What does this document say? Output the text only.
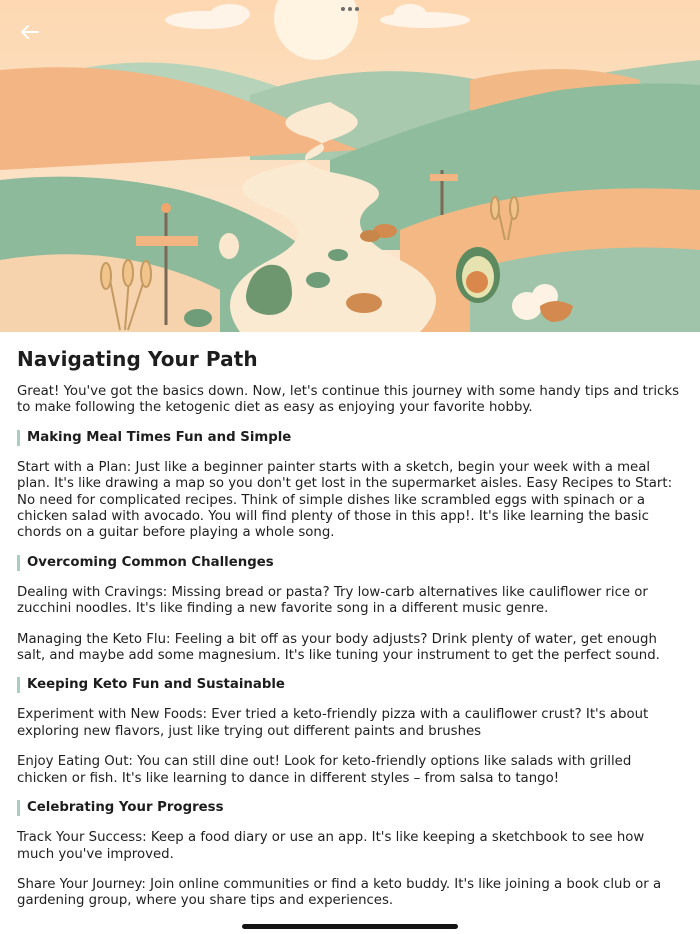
Navigating Your Path

Great! You've got the basics down. Now, let's continue this journey with some handy tips and tricks to make following the ketogenic diet as easy as enjoying your favorite hobby.

Making Meal Times Fun and Simple

Start with a Plan: Just like a beginner painter starts with a sketch, begin your week with a meal plan. It's like drawing a map so you don't get lost in the supermarket aisles. Easy Recipes to Start: No need for complicated recipes. Think of simple dishes like scrambled eggs with spinach or a chicken salad with avocado. You will find plenty of those in this app!. It's like learning the basic chords on a guitar before playing a whole song.

Overcoming Common Challenges

Dealing with Cravings: Missing bread or pasta? Try low-carb alternatives like cauliflower rice or zucchini noodles. It's like finding a new favorite song in a different music genre.

Managing the Keto Flu: Feeling a bit off as your body adjusts? Drink plenty of water, get enough salt, and maybe add some magnesium. It's like tuning your instrument to get the perfect sound.

Keeping Keto Fun and Sustainable

Experiment with New Foods: Ever tried a keto-friendly pizza with a cauliflower crust? It's about exploring new flavors, just like trying out different paints and brushes

Enjoy Eating Out: You can still dine out! Look for keto-friendly options like salads with grilled chicken or fish. It's like learning to dance in different styles – from salsa to tango!

Celebrating Your Progress

Track Your Success: Keep a food diary or use an app. It's like keeping a sketchbook to see how much you've improved.

Share Your Journey: Join online communities or find a keto buddy. It's like joining a book club or a gardening group, where you share tips and experiences.
